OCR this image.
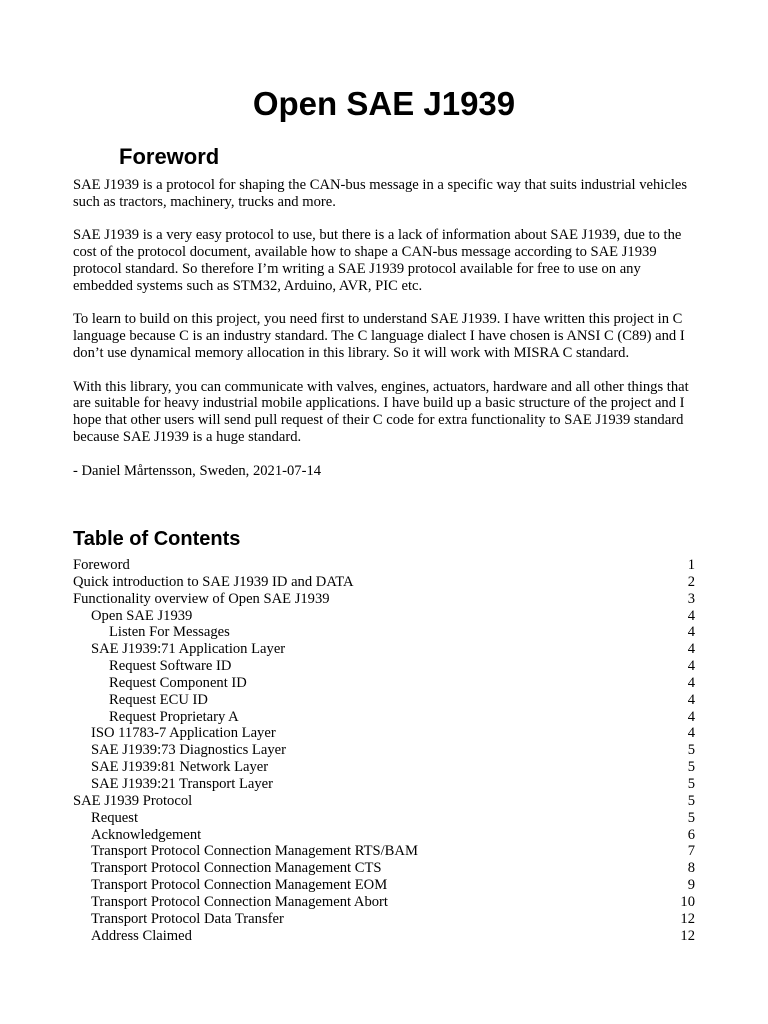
Open SAE J1939
Foreword

SAE J1939 is a protocol for shaping the CAN-bus message in a specific way that suits industrial vehicles such as tractors, machinery, trucks and more.

SAE J1939 is a very easy protocol to use, but there is a lack of information about SAE J1939, due to the cost of the protocol document, available how to shape a CAN-bus message according to SAE J1939 protocol standard. So therefore I’m writing a SAE J1939 protocol available for free to use on any embedded systems such as STM32, Arduino, AVR, PIC etc.

To learn to build on this project, you need first to understand SAE J1939. I have written this project in C language because C is an industry standard. The C language dialect I have chosen is ANSI C (C89) and I don’t use dynamical memory allocation in this library. So it will work with MISRA C standard.

With this library, you can communicate with valves, engines, actuators, hardware and all other things that are suitable for heavy industrial mobile applications. I have build up a basic structure of the project and I hope that other users will send pull request of their C code for extra functionality to SAE J1939 standard because SAE J1939 is a huge standard.

- Daniel Mårtensson, Sweden, 2021-07-14

Table of Contents
Foreword	1
Quick introduction to SAE J1939 ID and DATA	2
Functionality overview of Open SAE J1939	3
Open SAE J1939	4
Listen For Messages	4
SAE J1939:71 Application Layer	4
Request Software ID	4
Request Component ID	4
Request ECU ID	4
Request Proprietary A	4
ISO 11783-7 Application Layer	4
SAE J1939:73 Diagnostics Layer	5
SAE J1939:81 Network Layer	5
SAE J1939:21 Transport Layer	5
SAE J1939 Protocol	5
Request	5
Acknowledgement	6
Transport Protocol Connection Management RTS/BAM	7
Transport Protocol Connection Management CTS	8
Transport Protocol Connection Management EOM	9
Transport Protocol Connection Management Abort	10
Transport Protocol Data Transfer	12
Address Claimed	12
